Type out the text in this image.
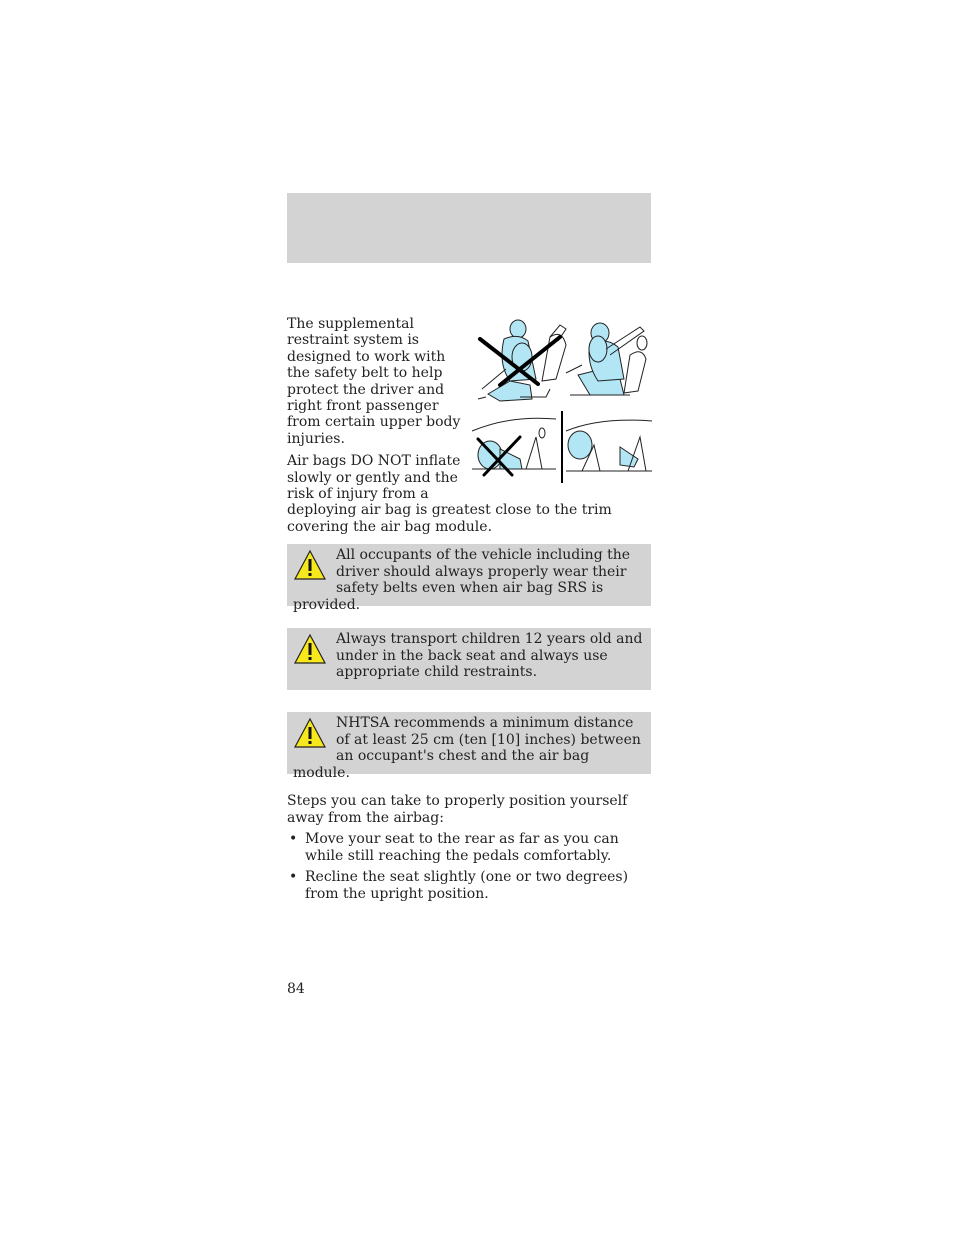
The supplemental restraint system is designed to work with the safety belt to help protect the driver and right front passenger from certain upper body injuries.

Air bags DO NOT inflate slowly or gently and the risk of injury from a deploying air bag is greatest close to the trim covering the air bag module.

All occupants of the vehicle including the driver should always properly wear their safety belts even when air bag SRS is provided.
Always transport children 12 years old and under in the back seat and always use appropriate child restraints.
NHTSA recommends a minimum distance of at least 25 cm (ten [10] inches) between an occupant's chest and the air bag module.

Steps you can take to properly position yourself away from the airbag:

• Move your seat to the rear as far as you can while still reaching the pedals comfortably.
• Recline the seat slightly (one or two degrees) from the upright position.
84
